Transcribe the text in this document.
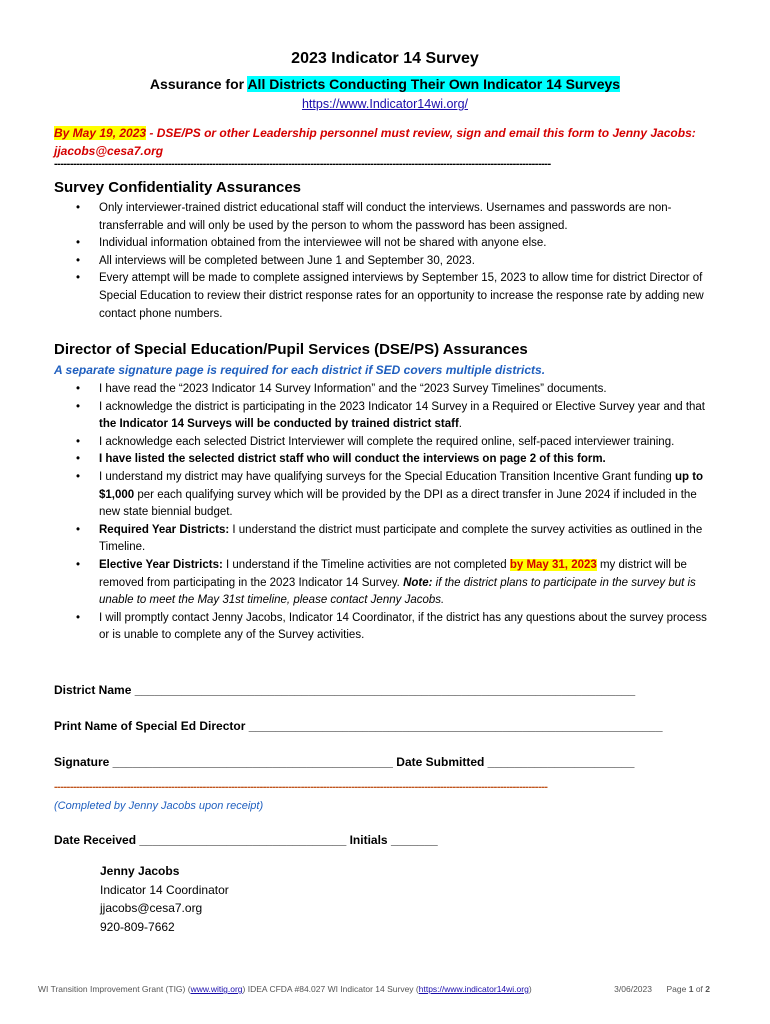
2023 Indicator 14 Survey
Assurance for All Districts Conducting Their Own Indicator 14 Surveys
https://www.Indicator14wi.org/
By May 19, 2023 - DSE/PS or other Leadership personnel must review, sign and email this form to Jenny Jacobs: jjacobs@cesa7.org
-------------------------------------------------------------------------------------------------------------------------------------------------------------
Survey Confidentiality Assurances
• Only interviewer-trained district educational staff will conduct the interviews. Usernames and passwords are non-transferrable and will only be used by the person to whom the password has been assigned.
• Individual information obtained from the interviewee will not be shared with anyone else.
• All interviews will be completed between June 1 and September 30, 2023.
• Every attempt will be made to complete assigned interviews by September 15, 2023 to allow time for district Director of Special Education to review their district response rates for an opportunity to increase the response rate by adding new contact phone numbers.
Director of Special Education/Pupil Services (DSE/PS) Assurances
A separate signature page is required for each district if SED covers multiple districts.
• I have read the “2023 Indicator 14 Survey Information” and the “2023 Survey Timelines” documents.
• I acknowledge the district is participating in the 2023 Indicator 14 Survey in a Required or Elective Survey year and that the Indicator 14 Surveys will be conducted by trained district staff.
• I acknowledge each selected District Interviewer will complete the required online, self-paced interviewer training.
• I have listed the selected district staff who will conduct the interviews on page 2 of this form.
• I understand my district may have qualifying surveys for the Special Education Transition Incentive Grant funding up to $1,000 per each qualifying survey which will be provided by the DPI as a direct transfer in June 2024 if included in the new state biennial budget.
• Required Year Districts: I understand the district must participate and complete the survey activities as outlined in the Timeline.
• Elective Year Districts: I understand if the Timeline activities are not completed by May 31, 2023 my district will be removed from participating in the 2023 Indicator 14 Survey. Note: if the district plans to participate in the survey but is unable to meet the May 31st timeline, please contact Jenny Jacobs.
• I will promptly contact Jenny Jacobs, Indicator 14 Coordinator, if the district has any questions about the survey process or is unable to complete any of the Survey activities.
District Name ___________________________________________________________________________
Print Name of Special Ed Director ______________________________________________________________
Signature __________________________________________ Date Submitted ______________________
------------------------------------------------------------------------------------------------------------------------------------------------------------
(Completed by Jenny Jacobs upon receipt)
Date Received _______________________________ Initials _______
Jenny Jacobs
Indicator 14 Coordinator
jjacobs@cesa7.org
920-809-7662
WI Transition Improvement Grant (TIG) (www.witig.org) IDEA CFDA #84.027 WI Indicator 14 Survey (https://www.indicator14wi.org)	3/06/2023 Page 1 of 2
